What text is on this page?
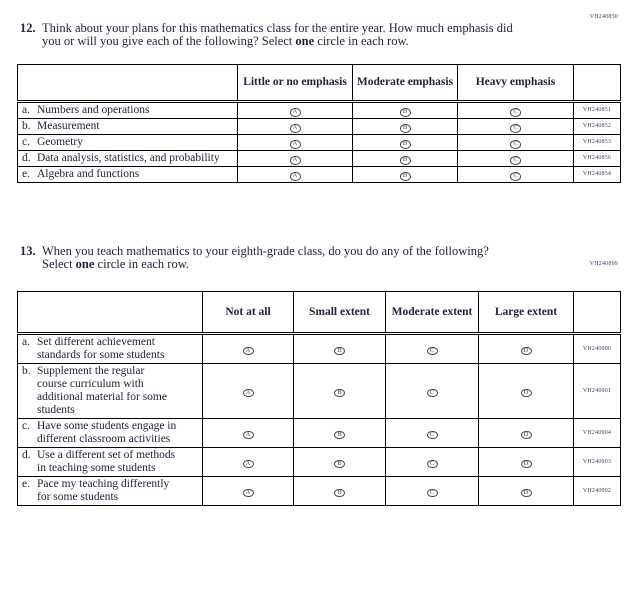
VH240850
12. Think about your plans for this mathematics class for the entire year. How much emphasis did you or will you give each of the following? Select one circle in each row.

	Little or no emphasis	Moderate emphasis	Heavy emphasis	

a. Numbers and operations	A	B	C	VH240851

b. Measurement	A	B	C	VH240852

c. Geometry	A	B	C	VH240853

d. Data analysis, statistics, and probability	A	B	C	VH240856

e. Algebra and functions	A	B	C	VH240854
VH240899
13. When you teach mathematics to your eighth-grade class, do you do any of the following? Select one circle in each row.

	Not at all	Small extent	Moderate extent	Large extent	

a. Set different achievement standards for some students	A	B	C	D	VH240900

b. Supplement the regular course curriculum with additional material for some students	A	B	C	D	VH240901

c. Have some students engage in different classroom activities	A	B	C	D	VH240904

d. Use a different set of methods in teaching some students	A	B	C	D	VH240903

e. Pace my teaching differently for some students	A	B	C	D	VH240902
